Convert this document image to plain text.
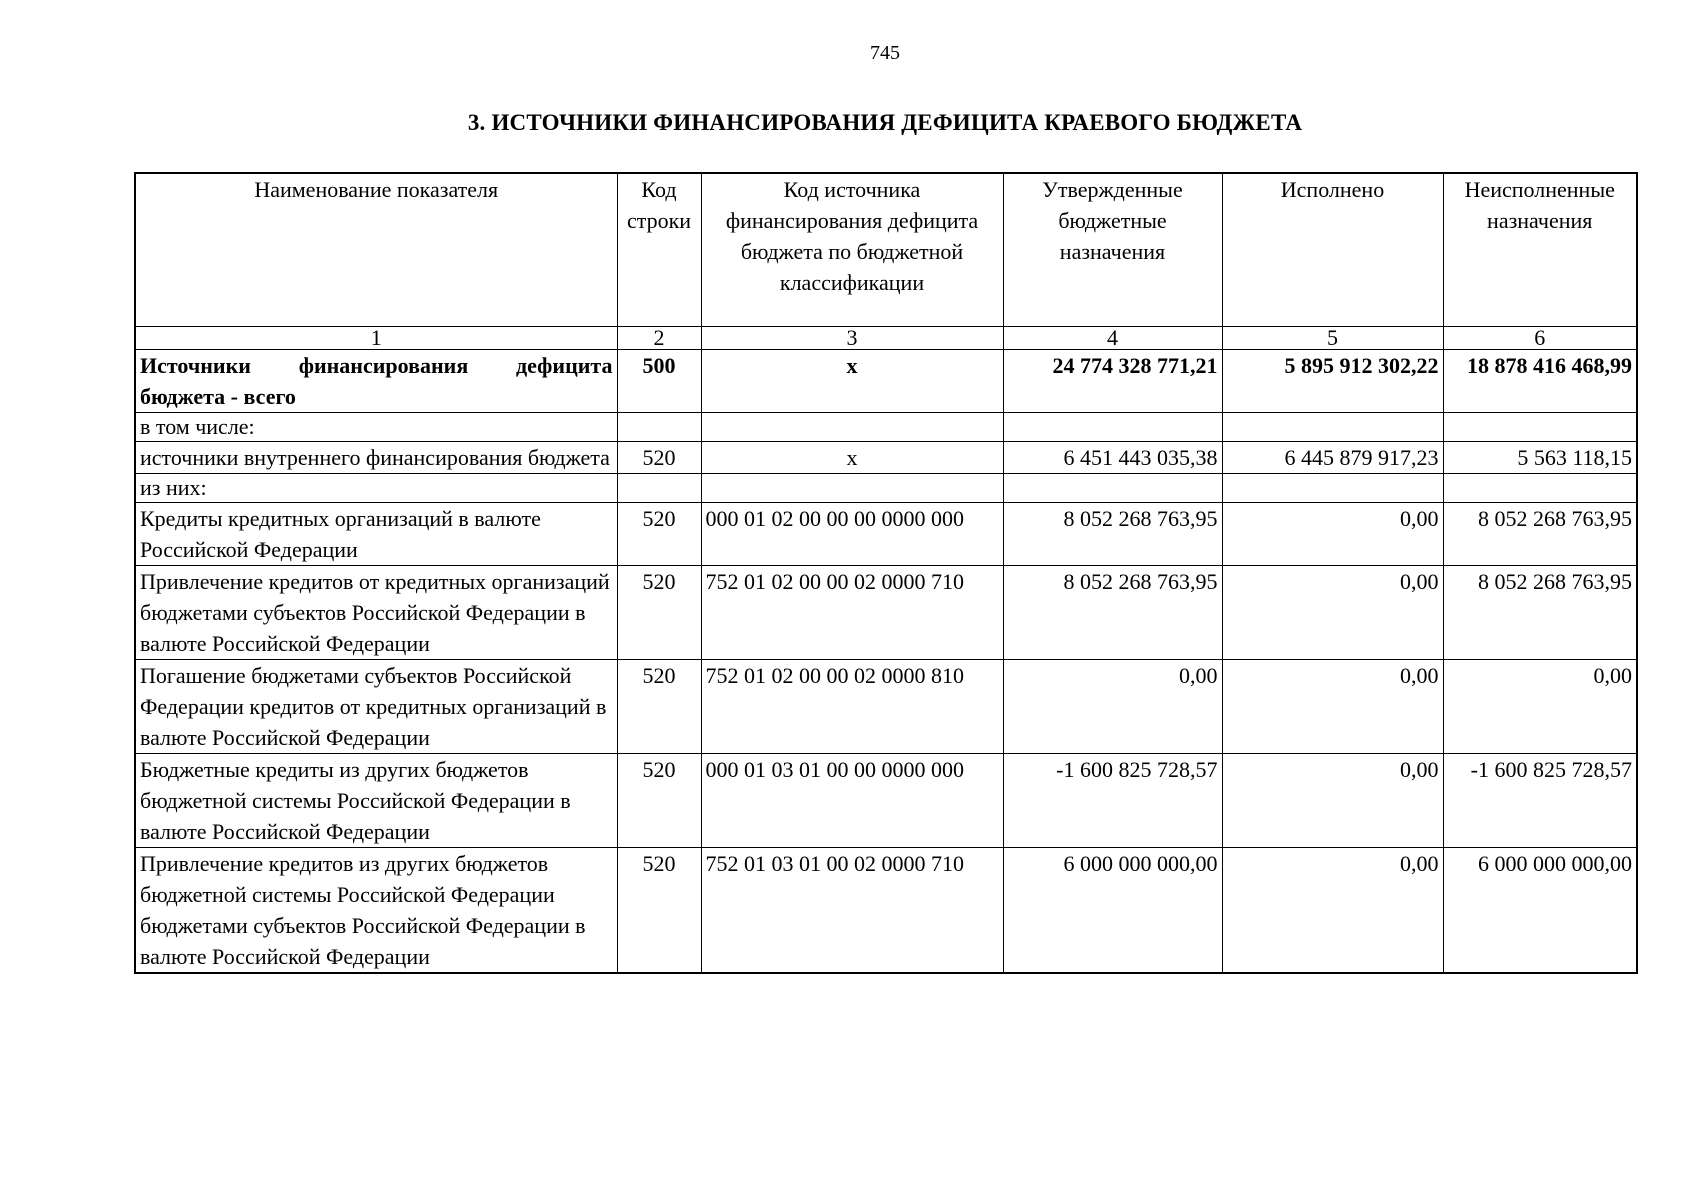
745
3. ИСТОЧНИКИ ФИНАНСИРОВАНИЯ ДЕФИЦИТА КРАЕВОГО БЮДЖЕТА
Наименование показателя	Код строки	Код источника финансирования дефицита бюджета по бюджетной классификации	Утвержденные бюджетные назначения	Исполнено	Неисполненные назначения
1	2	3	4	5	6

Источники финансирования дефицита
бюджета - всего	500	х	24 774 328 771,21	5 895 912 302,22	18 878 416 468,99
в том числе:					
источники внутреннего финансирования бюджета	520	х	6 451 443 035,38	6 445 879 917,23	5 563 118,15
из них:					
Кредиты кредитных организаций в валюте Российской Федерации	520	000 01 02 00 00 00 0000 000	8 052 268 763,95	0,00	8 052 268 763,95
Привлечение кредитов от кредитных организаций бюджетами субъектов Российской Федерации в валюте Российской Федерации	520	752 01 02 00 00 02 0000 710	8 052 268 763,95	0,00	8 052 268 763,95
Погашение бюджетами субъектов Российской Федерации кредитов от кредитных организаций в валюте Российской Федерации	520	752 01 02 00 00 02 0000 810	0,00	0,00	0,00
Бюджетные кредиты из других бюджетов бюджетной системы Российской Федерации в валюте Российской Федерации	520	000 01 03 01 00 00 0000 000	-1 600 825 728,57	0,00	-1 600 825 728,57
Привлечение кредитов из других бюджетов бюджетной системы Российской Федерации бюджетами субъектов Российской Федерации в валюте Российской Федерации	520	752 01 03 01 00 02 0000 710	6 000 000 000,00	0,00	6 000 000 000,00
